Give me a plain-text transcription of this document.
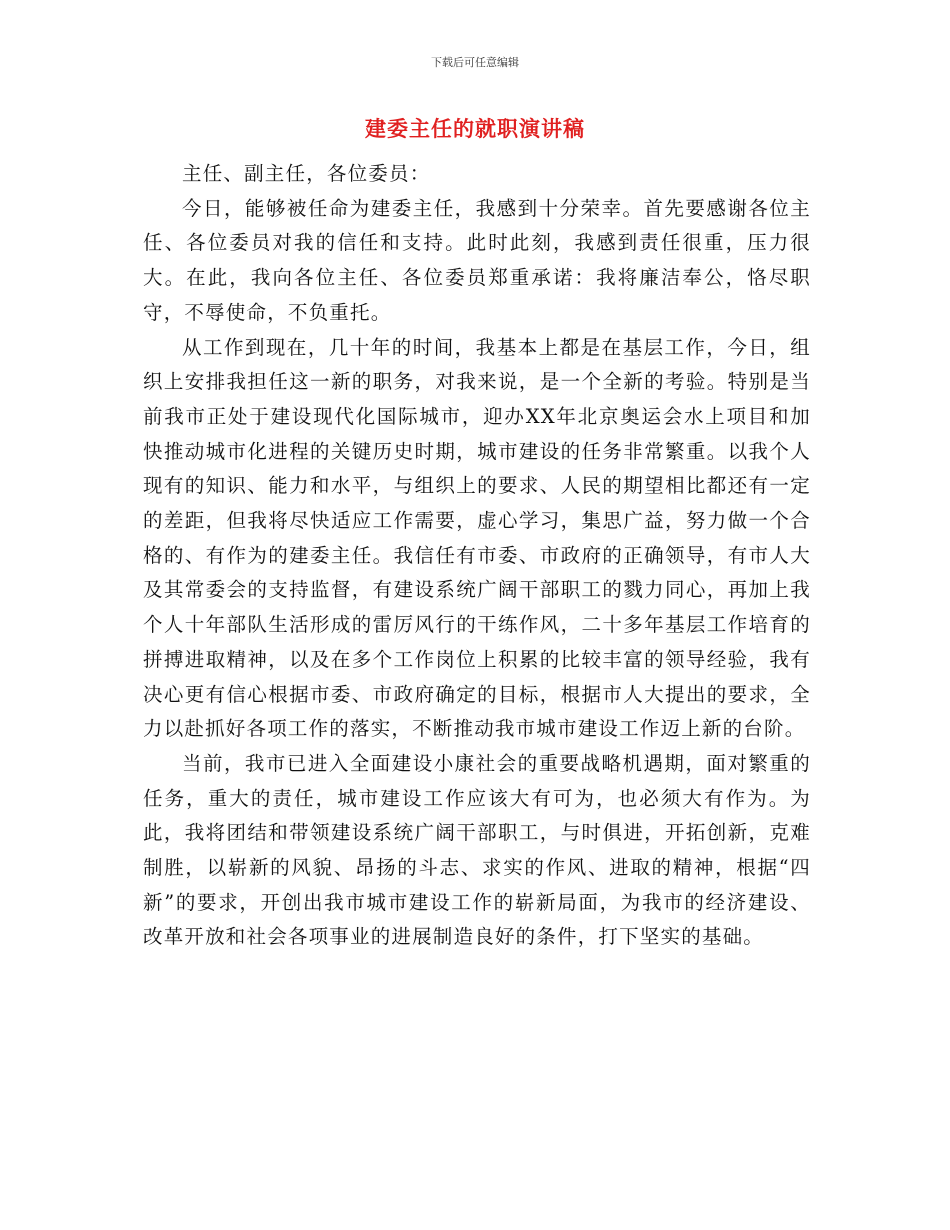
下载后可任意编辑
建委主任的就职演讲稿

主任、副主任，各位委员：

今日，能够被任命为建委主任，我感到十分荣幸。首先要感谢各位主任、各位委员对我的信任和支持。此时此刻，我感到责任很重，压力很大。在此，我向各位主任、各位委员郑重承诺：我将廉洁奉公，恪尽职守，不辱使命，不负重托。

从工作到现在，几十年的时间，我基本上都是在基层工作，今日，组织上安排我担任这一新的职务，对我来说，是一个全新的考验。特别是当前我市正处于建设现代化国际城市，迎办XX年北京奥运会水上项目和加快推动城市化进程的关键历史时期，城市建设的任务非常繁重。以我个人现有的知识、能力和水平，与组织上的要求、人民的期望相比都还有一定的差距，但我将尽快适应工作需要，虚心学习，集思广益，努力做一个合格的、有作为的建委主任。我信任有市委、市政府的正确领导，有市人大及其常委会的支持监督，有建设系统广阔干部职工的戮力同心，再加上我个人十年部队生活形成的雷厉风行的干练作风，二十多年基层工作培育的拼搏进取精神，以及在多个工作岗位上积累的比较丰富的领导经验，我有决心更有信心根据市委、市政府确定的目标，根据市人大提出的要求，全力以赴抓好各项工作的落实，不断推动我市城市建设工作迈上新的台阶。

当前，我市已进入全面建设小康社会的重要战略机遇期，面对繁重的任务，重大的责任，城市建设工作应该大有可为，也必须大有作为。为此，我将团结和带领建设系统广阔干部职工，与时俱进，开拓创新，克难制胜，以崭新的风貌、昂扬的斗志、求实的作风、进取的精神，根据“四新”的要求，开创出我市城市建设工作的崭新局面，为我市的经济建设、改革开放和社会各项事业的进展制造良好的条件，打下坚实的基础。
